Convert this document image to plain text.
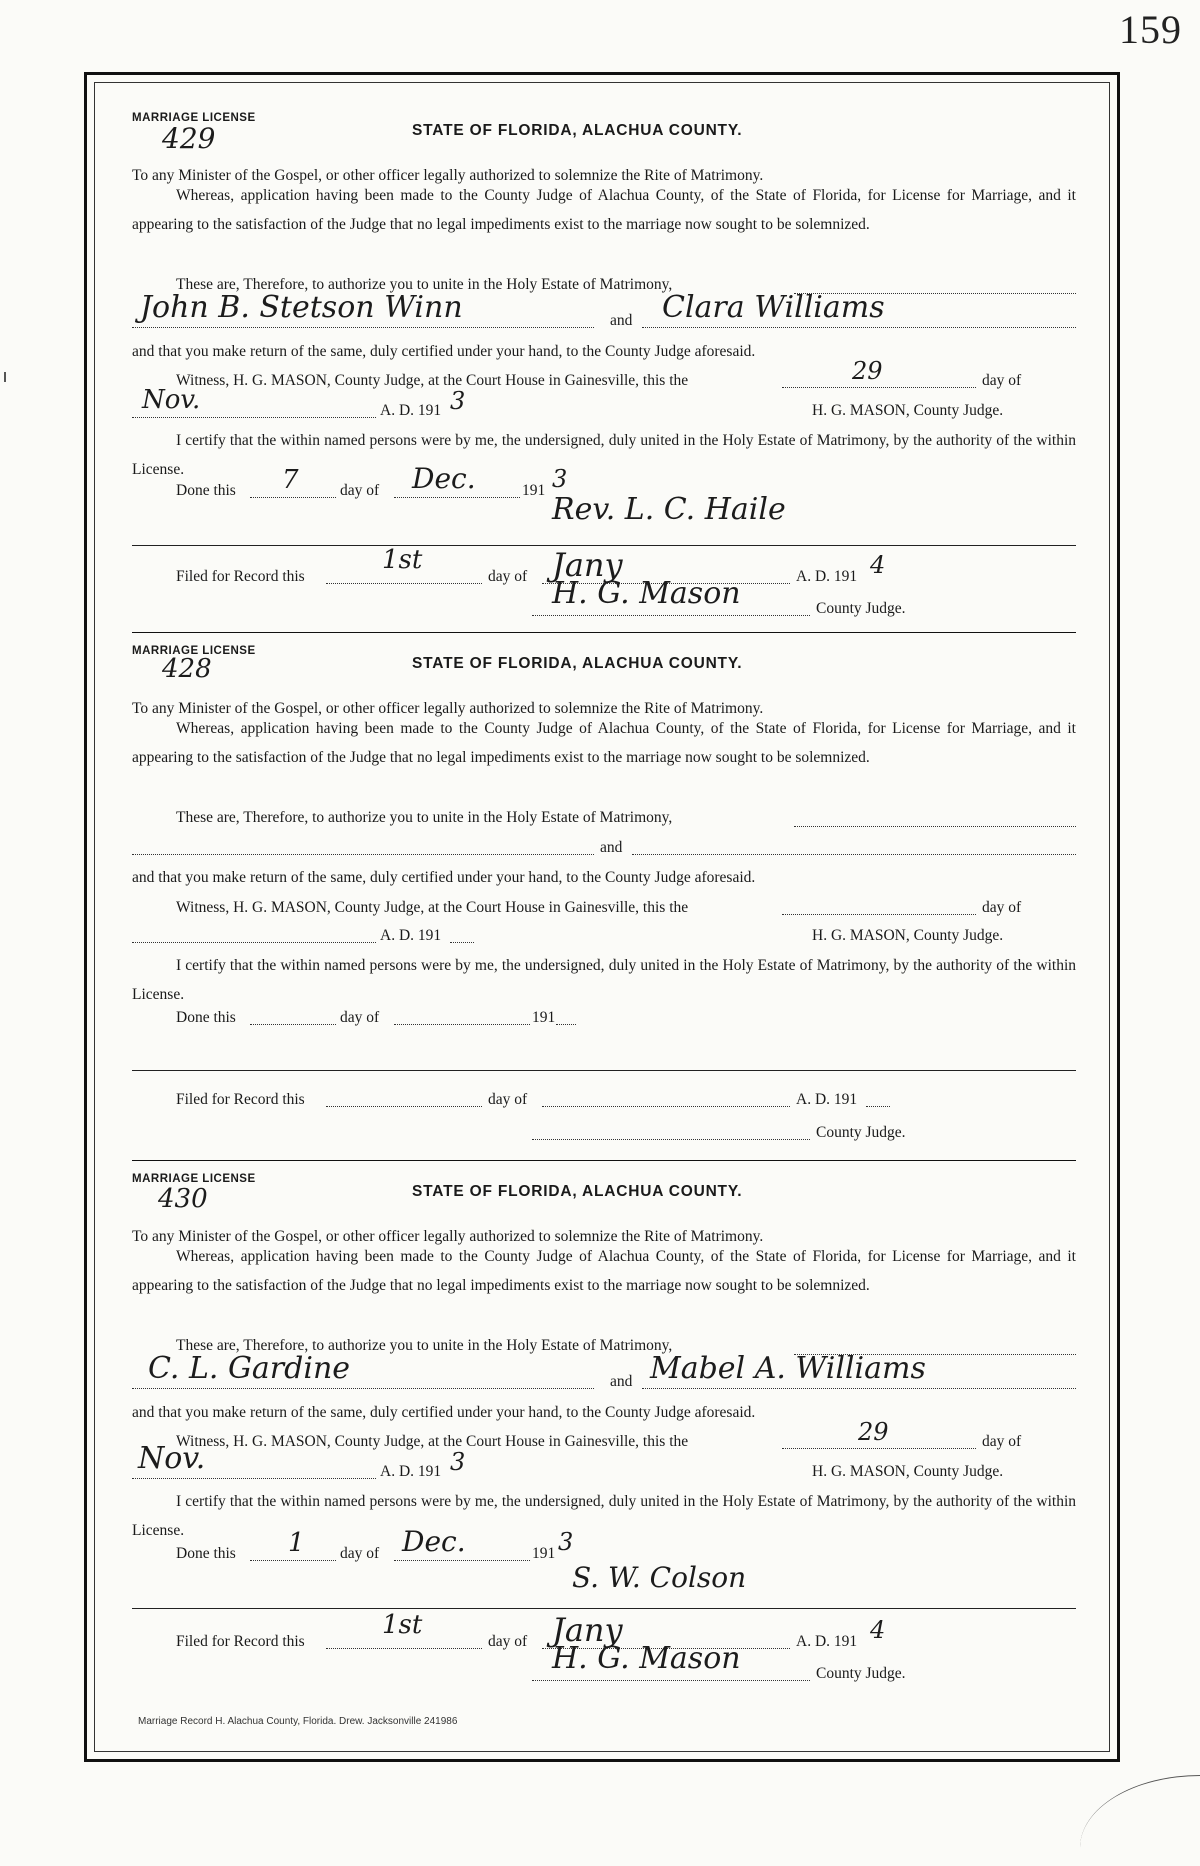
159
MARRIAGE LICENSE
429	STATE OF FLORIDA, ALACHUA COUNTY.
To any Minister of the Gospel, or other officer legally authorized to solemnize the Rite of Matrimony.
Whereas, application having been made to the County Judge of Alachua County, of the State of Florida, for License for Marriage, and it appearing to the satisfaction of the Judge that no legal impediments exist to the marriage now sought to be solemnized.
These are, Therefore, to authorize you to unite in the Holy Estate of Matrimony,
John B. Stetson Winn	and Clara Williams
and that you make return of the same, duly certified under your hand, to the County Judge aforesaid.
Witness, H. G. MASON, County Judge, at the Court House in Gainesville, this the	29	day of
Nov.	A. D. 191 3	H. G. MASON, County Judge.
I certify that the within named persons were by me, the undersigned, duly united in the Holy Estate of Matrimony, by the authority of the within License.
Done this 7	day of Dec.	191 3
Rev. L. C. Haile
Filed for Record this
1st
day of Jany	A. D. 191 4
H. G. Mason	County Judge.
MARRIAGE LICENSE
428	STATE OF FLORIDA, ALACHUA COUNTY.
To any Minister of the Gospel, or other officer legally authorized to solemnize the Rite of Matrimony.
Whereas, application having been made to the County Judge of Alachua County, of the State of Florida, for License for Marriage, and it appearing to the satisfaction of the Judge that no legal impediments exist to the marriage now sought to be solemnized.
These are, Therefore, to authorize you to unite in the Holy Estate of Matrimony,
and
and that you make return of the same, duly certified under your hand, to the County Judge aforesaid.
Witness, H. G. MASON, County Judge, at the Court House in Gainesville, this the	day of
A. D. 191	H. G. MASON, County Judge.
I certify that the within named persons were by me, the undersigned, duly united in the Holy Estate of Matrimony, by the authority of the within License.
Done this	day of	191
Filed for Record this	day of	A. D. 191
County Judge.
MARRIAGE LICENSE
430	STATE OF FLORIDA, ALACHUA COUNTY.
To any Minister of the Gospel, or other officer legally authorized to solemnize the Rite of Matrimony.
Whereas, application having been made to the County Judge of Alachua County, of the State of Florida, for License for Marriage, and it appearing to the satisfaction of the Judge that no legal impediments exist to the marriage now sought to be solemnized.
These are, Therefore, to authorize you to unite in the Holy Estate of Matrimony,
C. L. Gardine	and Mabel A. Williams
and that you make return of the same, duly certified under your hand, to the County Judge aforesaid.
Witness, H. G. MASON, County Judge, at the Court House in Gainesville, this the	29	day of
Nov.	A. D. 191 3	H. G. MASON, County Judge.
I certify that the within named persons were by me, the undersigned, duly united in the Holy Estate of Matrimony, by the authority of the within License.
Done this 1 day of Dec.	191 3
S. W. Colson
Filed for Record this
1st
day of Jany	A. D. 191 4
H. G. Mason	County Judge.
Marriage Record H. Alachua County, Florida. Drew. Jacksonville 241986
